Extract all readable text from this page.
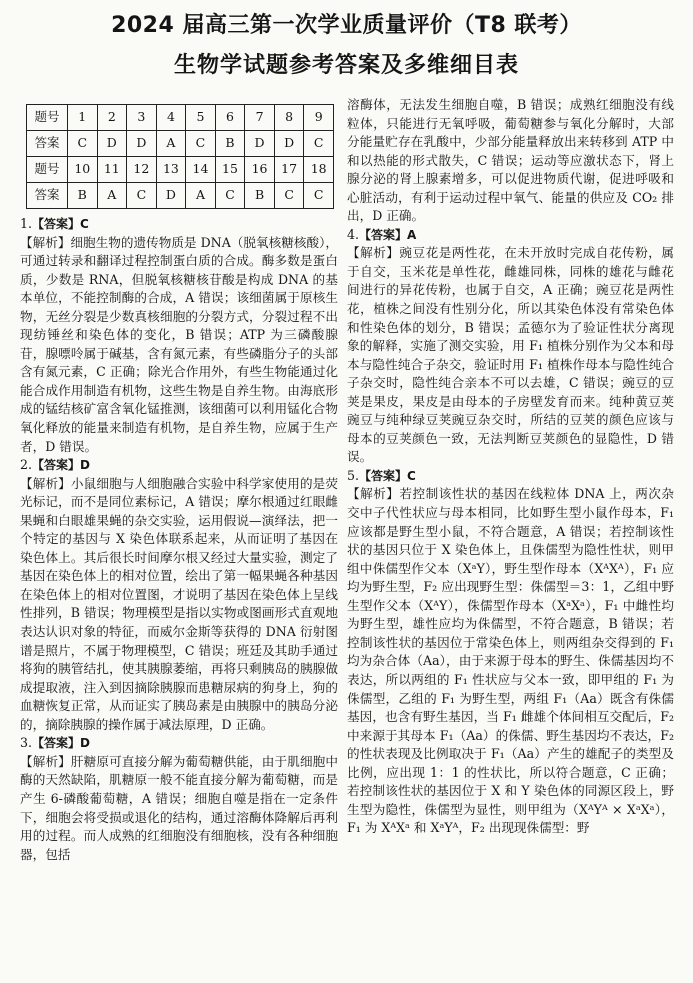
2024 届高三第一次学业质量评价（T8 联考）
生物学试题参考答案及多维细目表
题号	1	2	3	4	5	6	7	8	9
答案	C	D	D	A	C	B	D	D	C
题号	10	11	12	13	14	15	16	17	18
答案	B	A	C	D	A	C	B	C	C

1.【答案】C

【解析】细胞生物的遗传物质是 DNA（脱氧核糖核酸），可通过转录和翻译过程控制蛋白质的合成。酶多数是蛋白质，少数是 RNA，但脱氧核糖核苷酸是构成 DNA 的基本单位，不能控制酶的合成，A 错误；该细菌属于原核生物，无丝分裂是少数真核细胞的分裂方式，分裂过程不出现纺锤丝和染色体的变化，B 错误；ATP 为三磷酸腺苷，腺嘌呤属于碱基，含有氮元素，有些磷脂分子的头部含有氮元素，C 正确；除光合作用外，有些生物能通过化能合成作用制造有机物，这些生物是自养生物。由海底形成的锰结核矿富含氧化锰推测，该细菌可以利用锰化合物氧化释放的能量来制造有机物，是自养生物，应属于生产者，D 错误。

2.【答案】D

【解析】小鼠细胞与人细胞融合实验中科学家使用的是荧光标记，而不是同位素标记，A 错误；摩尔根通过红眼雌果蝇和白眼雄果蝇的杂交实验，运用假说—演绎法，把一个特定的基因与 X 染色体联系起来，从而证明了基因在染色体上。其后很长时间摩尔根又经过大量实验，测定了基因在染色体上的相对位置，绘出了第一幅果蝇各种基因在染色体上的相对位置图，才说明了基因在染色体上呈线性排列，B 错误；物理模型是指以实物或图画形式直观地表达认识对象的特征，而威尔金斯等获得的 DNA 衍射图谱是照片，不属于物理模型，C 错误；班廷及其助手通过将狗的胰管结扎，使其胰腺萎缩，再将只剩胰岛的胰腺做成提取液，注入到因摘除胰腺而患糖尿病的狗身上，狗的血糖恢复正常，从而证实了胰岛素是由胰腺中的胰岛分泌的，摘除胰腺的操作属于减法原理，D 正确。

3.【答案】D

【解析】肝糖原可直接分解为葡萄糖供能，由于肌细胞中酶的天然缺陷，肌糖原一般不能直接分解为葡萄糖，而是产生 6-磷酸葡萄糖，A 错误；细胞自噬是指在一定条件下，细胞会将受损或退化的结构，通过溶酶体降解后再利用的过程。而人成熟的红细胞没有细胞核，没有各种细胞器，包括

溶酶体，无法发生细胞自噬，B 错误；成熟红细胞没有线粒体，只能进行无氧呼吸，葡萄糖参与氧化分解时，大部分能量贮存在乳酸中，少部分能量释放出来转移到 ATP 中和以热能的形式散失，C 错误；运动等应激状态下，肾上腺分泌的肾上腺素增多，可以促进物质代谢，促进呼吸和心脏活动，有利于运动过程中氧气、能量的供应及 CO₂ 排出，D 正确。

4.【答案】A

【解析】豌豆花是两性花，在未开放时完成自花传粉，属于自交，玉米花是单性花，雌雄同株，同株的雄花与雌花间进行的异花传粉，也属于自交，A 正确；豌豆花是两性花，植株之间没有性别分化，所以其染色体没有常染色体和性染色体的划分，B 错误；孟德尔为了验证性状分离现象的解释，实施了测交实验，用 F₁ 植株分别作为父本和母本与隐性纯合子杂交，验证时用 F₁ 植株作母本与隐性纯合子杂交时，隐性纯合亲本不可以去雄，C 错误；豌豆的豆荚是果皮，果皮是由母本的子房壁发育而来。纯种黄豆荚豌豆与纯种绿豆荚豌豆杂交时，所结的豆荚的颜色应该与母本的豆荚颜色一致，无法判断豆荚颜色的显隐性，D 错误。

5.【答案】C

【解析】若控制该性状的基因在线粒体 DNA 上，两次杂交中子代性状应与母本相同，比如野生型小鼠作母本，F₁ 应该都是野生型小鼠，不符合题意，A 错误；若控制该性状的基因只位于 X 染色体上，且侏儒型为隐性性状，则甲组中侏儒型作父本（XᵃY），野生型作母本（XᴬXᴬ），F₁ 应均为野生型，F₂ 应出现野生型：侏儒型＝3：1，乙组中野生型作父本（XᴬY），侏儒型作母本（XᵃXᵃ），F₁ 中雌性均为野生型，雄性应均为侏儒型，不符合题意，B 错误；若控制该性状的基因位于常染色体上，则两组杂交得到的 F₁ 均为杂合体（Aa），由于来源于母本的野生、侏儒基因均不表达，所以两组的 F₁ 性状应与父本一致，即甲组的 F₁ 为侏儒型，乙组的 F₁ 为野生型，两组 F₁（Aa）既含有侏儒基因，也含有野生基因，当 F₁ 雌雄个体间相互交配后，F₂ 中来源于其母本 F₁（Aa）的侏儒、野生基因均不表达，F₂ 的性状表现及比例取决于 F₁（Aa）产生的雄配子的类型及比例，应出现 1：1 的性状比，所以符合题意，C 正确；若控制该性状的基因位于 X 和 Y 染色体的同源区段上，野生型为隐性，侏儒型为显性，则甲组为（XᴬYᴬ × XᵃXᵃ），F₁ 为 XᴬXᵃ 和 XᵃYᴬ，F₂ 出现现侏儒型：野
